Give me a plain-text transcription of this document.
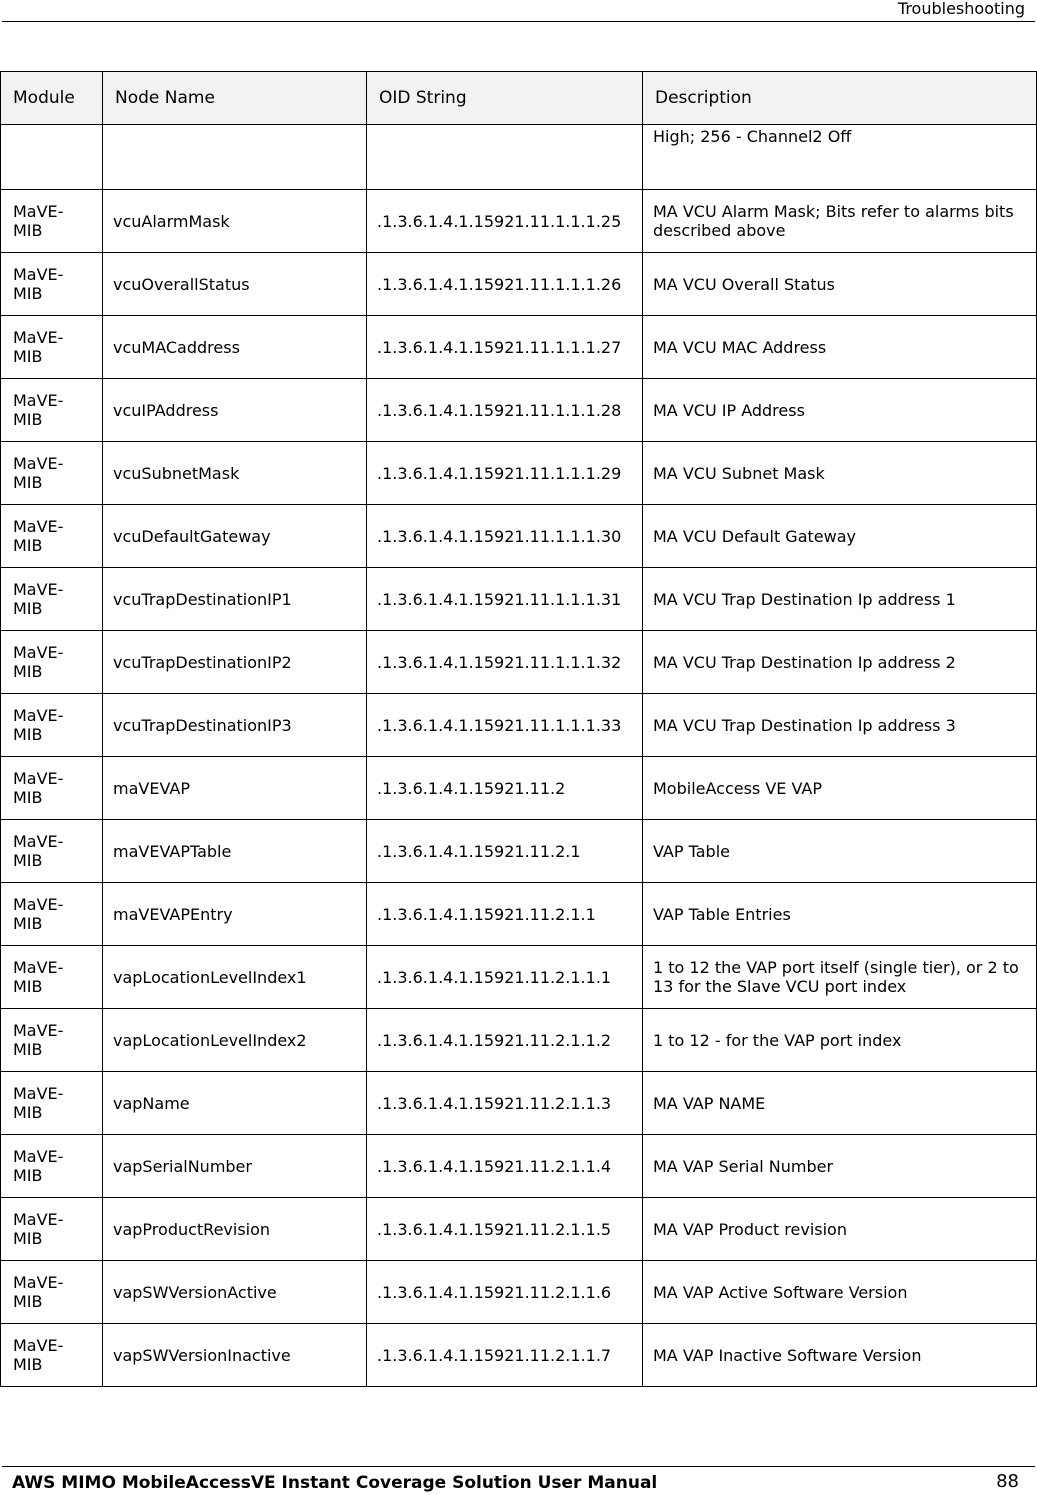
Troubleshooting
Module	Node Name	OID String	Description
			High; 256 - Channel2 Off
MaVE-MIB	vcuAlarmMask	.1.3.6.1.4.1.15921.11.1.1.1.25	MA VCU Alarm Mask; Bits refer to alarms bits described above
MaVE-MIB	vcuOverallStatus	.1.3.6.1.4.1.15921.11.1.1.1.26	MA VCU Overall Status
MaVE-MIB	vcuMACaddress	.1.3.6.1.4.1.15921.11.1.1.1.27	MA VCU MAC Address
MaVE-MIB	vcuIPAddress	.1.3.6.1.4.1.15921.11.1.1.1.28	MA VCU IP Address
MaVE-MIB	vcuSubnetMask	.1.3.6.1.4.1.15921.11.1.1.1.29	MA VCU Subnet Mask
MaVE-MIB	vcuDefaultGateway	.1.3.6.1.4.1.15921.11.1.1.1.30	MA VCU Default Gateway
MaVE-MIB	vcuTrapDestinationIP1	.1.3.6.1.4.1.15921.11.1.1.1.31	MA VCU Trap Destination Ip address 1
MaVE-MIB	vcuTrapDestinationIP2	.1.3.6.1.4.1.15921.11.1.1.1.32	MA VCU Trap Destination Ip address 2
MaVE-MIB	vcuTrapDestinationIP3	.1.3.6.1.4.1.15921.11.1.1.1.33	MA VCU Trap Destination Ip address 3
MaVE-MIB	maVEVAP	.1.3.6.1.4.1.15921.11.2	MobileAccess VE VAP
MaVE-MIB	maVEVAPTable	.1.3.6.1.4.1.15921.11.2.1	VAP Table
MaVE-MIB	maVEVAPEntry	.1.3.6.1.4.1.15921.11.2.1.1	VAP Table Entries
MaVE-MIB	vapLocationLevelIndex1	.1.3.6.1.4.1.15921.11.2.1.1.1	1 to 12 the VAP port itself (single tier), or 2 to 13 for the Slave VCU port index
MaVE-MIB	vapLocationLevelIndex2	.1.3.6.1.4.1.15921.11.2.1.1.2	1 to 12 - for the VAP port index
MaVE-MIB	vapName	.1.3.6.1.4.1.15921.11.2.1.1.3	MA VAP NAME
MaVE-MIB	vapSerialNumber	.1.3.6.1.4.1.15921.11.2.1.1.4	MA VAP Serial Number
MaVE-MIB	vapProductRevision	.1.3.6.1.4.1.15921.11.2.1.1.5	MA VAP Product revision
MaVE-MIB	vapSWVersionActive	.1.3.6.1.4.1.15921.11.2.1.1.6	MA VAP Active Software Version
MaVE-MIB	vapSWVersionInactive	.1.3.6.1.4.1.15921.11.2.1.1.7	MA VAP Inactive Software Version
AWS MIMO MobileAccessVE Instant Coverage Solution User Manual	88
